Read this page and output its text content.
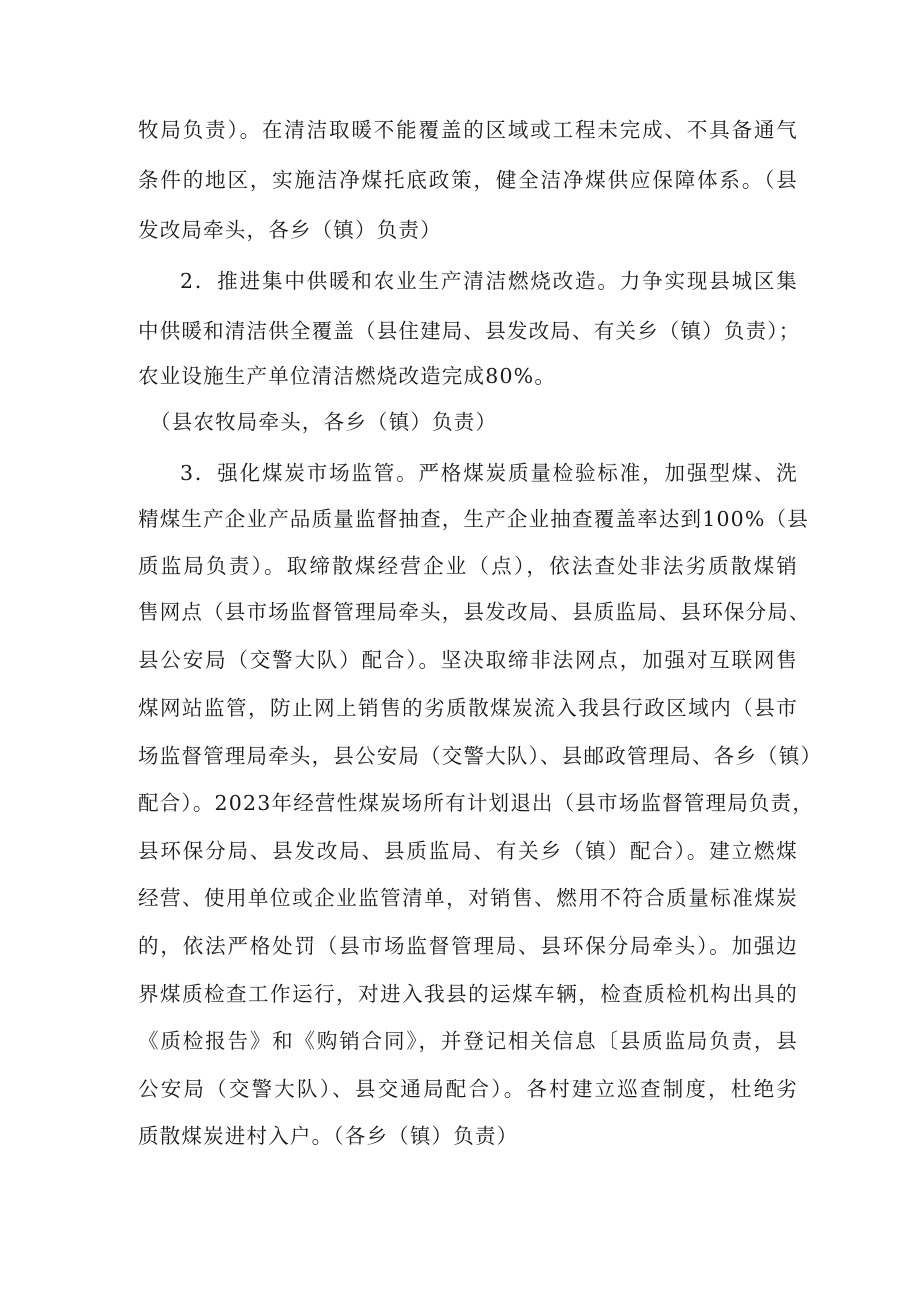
牧局负责）。在清洁取暖不能覆盖的区域或工程未完成、不具备通气
条件的地区，实施洁净煤托底政策，健全洁净煤供应保障体系。（县
发改局牵头，各乡（镇）负责）
2．推进集中供暖和农业生产清洁燃烧改造。力争实现县城区集
中供暖和清洁供全覆盖（县住建局、县发改局、有关乡（镇）负责）；
农业设施生产单位清洁燃烧改造完成80%。
（县农牧局牵头，各乡（镇）负责）
3．强化煤炭市场监管。严格煤炭质量检验标准，加强型煤、洗
精煤生产企业产品质量监督抽查，生产企业抽查覆盖率达到100%（县
质监局负责）。取缔散煤经营企业（点），依法查处非法劣质散煤销
售网点（县市场监督管理局牵头，县发改局、县质监局、县环保分局、
县公安局（交警大队）配合）。坚决取缔非法网点，加强对互联网售
煤网站监管，防止网上销售的劣质散煤炭流入我县行政区域内（县市
场监督管理局牵头，县公安局（交警大队）、县邮政管理局、各乡（镇）
配合）。2023年经营性煤炭场所有计划退出（县市场监督管理局负责，
县环保分局、县发改局、县质监局、有关乡（镇）配合）。建立燃煤
经营、使用单位或企业监管清单，对销售、燃用不符合质量标准煤炭
的，依法严格处罚（县市场监督管理局、县环保分局牵头）。加强边
界煤质检查工作运行，对进入我县的运煤车辆，检查质检机构出具的
《质检报告》和《购销合同》，并登记相关信息〔县质监局负责，县
公安局（交警大队）、县交通局配合）。各村建立巡查制度，杜绝劣
质散煤炭进村入户。（各乡（镇）负责）
